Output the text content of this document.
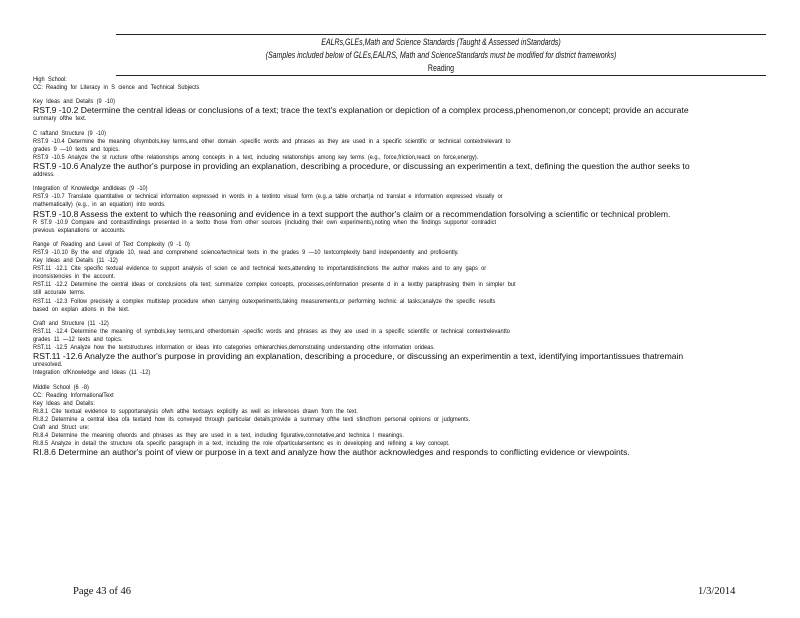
EALRs,GLEs,Math and Science Standards (Taught & Assessed inStandards)
(Samples included below of GLEs,EALRS, Math and ScienceStandards must be modified for district frameworks)
Reading
High School:
CC: Reading for Literacy in S cience and Technical Subjects
Key Ideas and Details (9 -10)
RST.9 -10.2 Determine the central ideas or conclusions of a text; trace the text's explanation or depiction of a complex process,phenomenon,or concept; provide an accurate
summary ofthe text.
C raftand Structure (9 -10)
RST.9 -10.4 Determine the meaning ofsymbols,key terms,and other domain -specific words and phrases as they are used in a specific scientific or technical contextrelevant to
grades 9 —10 texts and topics.
RST.9 -10.5 Analyze the st ructure ofthe relationships among concepts in a text, including relationships among key terms (e.g., force,friction,reacti on force,energy).
RST.9 -10.6 Analyze the author's purpose in providing an explanation, describing a procedure, or discussing an experimentin a text, defining the question the author seeks to
address.
Integration of Knowledge andIdeas (9 -10)
RST.9 -10.7 Translate quantitative or technical information expressed in words in a textinto visual form (e.g.,a table orchart)a nd translat e information expressed visually or
mathematically) (e.g., in an equation) into words.
RST.9 -10.8 Assess the extent to which the reasoning and evidence in a text support the author's claim or a recommendation forsolving a scientific or technical problem.
R ST.9 -10.9 Compare and contrastfindings presented in a textto those from other sources (including their own experiments),noting when the findings supportor contradict
previous explanations or accounts.
Range of Reading and Level of Text Complexity (9 -1 0)
RST.9 -10.10 By the end ofgrade 10, read and comprehend science/technical texts in the grades 9 —10 textcomplexity band independently and proficiently.
Key Ideas and Details (11 -12)
RST.11 -12.1 Cite specific textual evidence to support analysis of scien ce and technical texts,attending to importantdistinctions the author makes and to any gaps or
inconsistencies in the account.
RST.11 -12.2 Determine the central ideas or conclusions ofa text; summarize complex concepts, processes,orinformation presente d in a textby paraphrasing them in simpler but
still accurate terms.
RST.11 -12.3 Follow precisely a complex multistep procedure when carrying outexperiments,taking measurements,or performing technic al tasks;analyze the specific results
based on explan ations in the text.
Craft and Structure (11 -12)
RST.11 -12.4 Determine the meaning of symbols,key terms,and otherdomain -specific words and phrases as they are used in a specific scientific or technical contextrelevantto
grades 11 —12 texts and topics.
RST.11 -12.5 Analyze how the textstructures information or ideas into categories orhierarchies,demonstrating understanding ofthe information orideas.
RST.11 -12.6 Analyze the author's purpose in providing an explanation, describing a procedure, or discussing an experimentin a text, identifying importantissues thatremain
unresolved.
Integration ofKnowledge and Ideas (11 -12)
Middle School (6 -8)
CC: Reading InformationalText
Key Ideas and Details:
RI.8.1 Cite textual evidence to supportanalysis ofwh atthe textsays explicitly as well as inferences drawn from the text.
RI.8.2 Determine a central idea ofa textand how its conveyed through particular details;provide a summary ofthe texti sfinctfrom personal opinions or judgments.
Craft and Struct ure:
RI.8.4 Determine the meaning ofwords and phrases as they are used in a text, including figurative,connotative,and technica l meanings.
RI.8.5 Analyze in detail the structure ofa specific paragraph in a text, including the role ofparticularsentenc es in developing and refining a key concept.
RI.8.6 Determine an author's point of view or purpose in a text and analyze how the author acknowledges and responds to conflicting evidence or viewpoints.
Page 43 of 46	1/3/2014
